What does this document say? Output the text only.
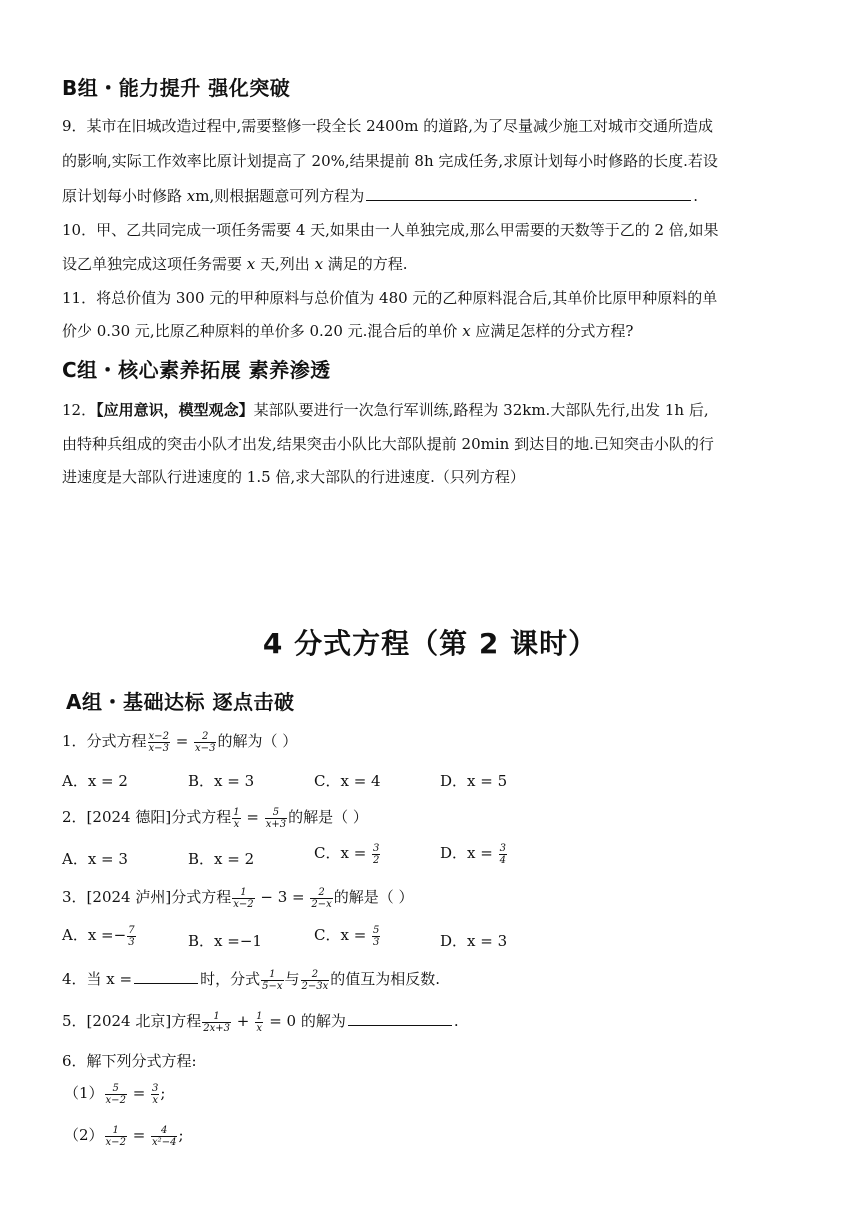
B组・能力提升 强化突破
9．某市在旧城改造过程中,需要整修一段全长 2400m 的道路,为了尽量减少施工对城市交通所造成
的影响,实际工作效率比原计划提高了 20%,结果提前 8h 完成任务,求原计划每小时修路的长度.若设
原计划每小时修路 xm,则根据题意可列方程为	.
10．甲、乙共同完成一项任务需要 4 天,如果由一人单独完成,那么甲需要的天数等于乙的 2 倍,如果
设乙单独完成这项任务需要 x 天,列出 x 满足的方程.
11．将总价值为 300 元的甲种原料与总价值为 480 元的乙种原料混合后,其单价比原甲种原料的单
价少 0.30 元,比原乙种原料的单价多 0.20 元.混合后的单价 x 应满足怎样的分式方程?
C组・核心素养拓展 素养渗透
12．【应用意识，模型观念】某部队要进行一次急行军训练,路程为 32km.大部队先行,出发 1h 后,
由特种兵组成的突击小队才出发,结果突击小队比大部队提前 20min 到达目的地.已知突击小队的行
进速度是大部队行进速度的 1.5 倍,求大部队的行进速度.（只列方程）
4 分式方程（第 2 课时）
A组・基础达标 逐点击破
1．分式方程 $\frac{x-2}{x-3} = \frac{2}{x-3}$ 的解为（ ）
A．x = 2	B．x = 3	C．x = 4	D．x = 5
2．[2024 德阳]分式方程 $\frac{1}{x} = \frac{5}{x+3}$ 的解是（ ）
A．x = 3	B．x = 2	C．$x = \frac{3}{2}$	D．$x = \frac{3}{4}$
3．[2024 泸州]分式方程 $\frac{1}{x-2} - 3 = \frac{2}{2-x}$ 的解是（ ）
A．$x =- \frac{7}{3}$	B．x =−1	C．$x = \frac{5}{3}$	D．x = 3
4．当 x =	时，分式 $\frac{1}{5-x}$ 与 $\frac{2}{2-3x}$ 的值互为相反数.
5．[2024 北京]方程 $\frac{1}{2x+3} + \frac{1}{x} = 0$ 的解为	.
6．解下列分式方程:
$(1) \frac{5}{x-2} = \frac{3}{x}$ ;
$(2) \frac{1}{x-2} = \frac{4}{\text{x²−4}}$ ;
